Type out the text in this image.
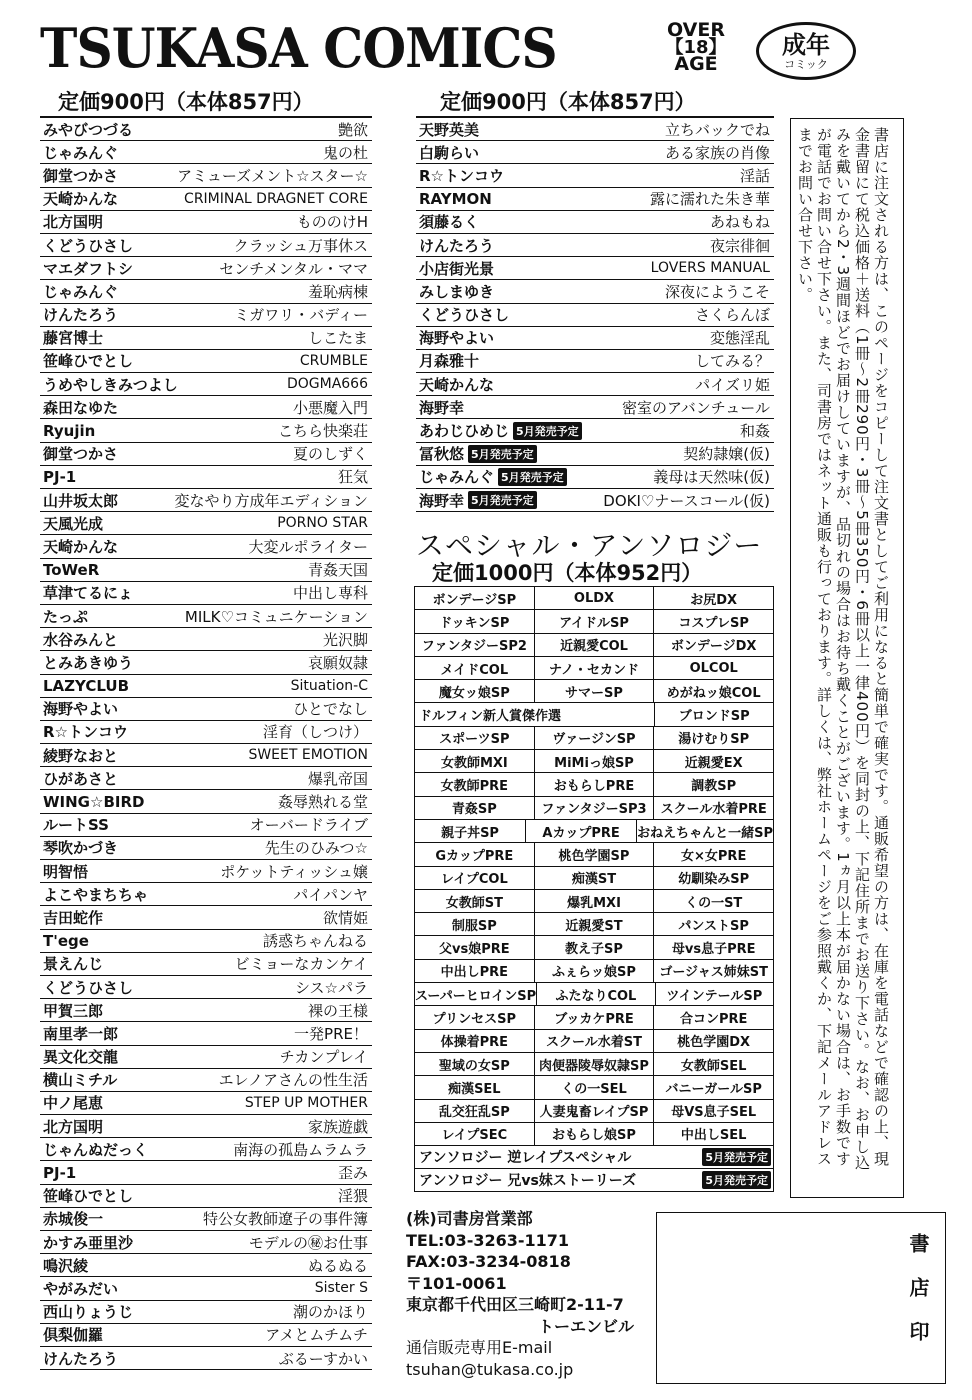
TSUKASA COMICS	OVER
【18】
AGE
成年
コミック
定価900円（本体857円）	定価900円（本体857円）
みやびつづる	艶欲
じゃみんぐ	鬼の杜
御堂つかさ	アミューズメント☆スター☆
天崎かんな	CRIMINAL DRAGNET CORE
北方国明	もののけH
くどうひさし	クラッシュ万事休ス
マエダフトシ	センチメンタル・ママ
じゃみんぐ	羞恥病棟
けんたろう	ミガワリ・バディー
藤宮博士	しこたま
笹峰ひでとし	CRUMBLE
うめやしきみつよし	DOGMA666
森田なゆた	小悪魔入門
Ryujin	こちら快楽荘
御堂つかさ	夏のしずく
PJ-1	狂気
山井坂太郎	変なやり方成年エディション
天風光成	PORNO STAR
天崎かんな	大変ルポライター
ToWeR	青姦天国
草津てるにょ	中出し専科
たっぷ	MILK♡コミュニケーション
水谷みんと	光沢脚
とみあきゆう	哀願奴隷
LAZYCLUB	Situation-C
海野やよい	ひとでなし
R☆トンコウ	淫育（しつけ）
綾野なおと	SWEET EMOTION
ひがあさと	爆乳帝国
WING☆BIRD	姦辱熟れる堂
ルートSS	オーバードライブ
琴吹かづき	先生のひみつ☆
明智悟	ポケットティッシュ嬢
よこやまちちゃ	パイパンヤ
吉田蛇作	欲情姫
T'ege	誘惑ちゃんねる
景えんじ	ビミョーなカンケイ
くどうひさし	シス☆パラ
甲賀三郎	裸の王様
南里孝一郎	一発PRE！
異文化交龍	チカンプレイ
横山ミチル	エレノアさんの性生活
中ノ尾恵	STEP UP MOTHER
北方国明	家族遊戯
じゃんぬだっく	南海の孤島ムラムラ
PJ-1	歪み
笹峰ひでとし	淫猥
赤城俊一	特公女教師遼子の事件簿
かすみ亜里沙	モデルの㊙お仕事
鳴沢綾	ぬるぬる
やがみだい	Sister S
西山りょうじ	潮のかほり
倶梨伽羅	アメとムチムチ
けんたろう	ぶるーすかい
天野英美	立ちバックでね
白駒らい	ある家族の肖像
R☆トンコウ	淫話
RAYMON	露に濡れた朱き華
須藤るく	あねもね
けんたろう	夜宗徘徊
小店街光景	LOVERS MANUAL
みしまゆき	深夜にようこそ
くどうひさし	さくらんぼ
海野やよい	変態淫乱
月森雅十	してみる？
天崎かんな	パイズリ姫
海野幸	密室のアバンチュール
あわじひめじ 5月発売予定	和姦
冨秋悠 5月発売予定	契約隷嬢(仮)
じゃみんぐ 5月発売予定	義母は天然味(仮)
海野幸 5月発売予定	DOKI♡ナースコール(仮)
スペシャル・アンソロジー
定価1000円（本体952円）
ボンデージSP	OLDX	お尻DX
ドッキンSP	アイドルSP	コスプレSP
ファンタジーSP2	近親愛COL	ボンデージDX
メイドCOL	ナノ・セカンド	OLCOL
魔女ッ娘SP	サマーSP	めがねッ娘COL
ドルフィン新人賞傑作選	ブロンドSP
スポーツSP	ヴァージンSP	湯けむりSP
女教師MXI	MiMiっ娘SP	近親愛EX
女教師PRE	おもらしPRE	調教SP
青姦SP	ファンタジーSP3	スクール水着PRE
親子丼SP	AカップPRE	おねえちゃんと一緒SP
GカップPRE	桃色学園SP	女×女PRE
レイプCOL	痴漢ST	幼馴染みSP
女教師ST	爆乳MXI	くの一ST
制服SP	近親愛ST	パンストSP
父vs娘PRE	教え子SP	母vs息子PRE
中出しPRE	ふぇらッ娘SP	ゴージャス姉妹ST
スーパーヒロインSP	ふたなりCOL	ツインテールSP
プリンセスSP	ブッカケPRE	合コンPRE
体操着PRE	スクール水着ST	桃色学園DX
聖域の女SP	肉便器陵辱奴隷SP	女教師SEL
痴漢SEL	くの一SEL	バニーガールSP
乱交狂乱SP	人妻鬼畜レイプSP	母VS息子SEL
レイプSEC	おもらし娘SP	中出しSEL
アンソロジー 逆レイプスペシャル	5月発売予定
アンソロジー 兄vs妹ストーリーズ	5月発売予定
書店に注文される方は、このページをコピーして注文書としてご利用になると簡単で確実です。通販希望の方は、在庫を電話などで確認の上、現金書留にて税込価格＋送料（1冊〜2冊290円・3冊〜5冊350円・6冊以上一律400円）を同封の上、下記住所までお送り下さい。なお、お申し込みを戴いてから2・3週間ほどでお届けしていますが、品切れの場合はお待ち戴くことがございます。1ヵ月以上本が届かない場合は、お手数ですが電話でお問い合せ下さい。また、司書房ではネット通販も行っております。詳しくは、弊社ホームページをご参照戴くか、下記メールアドレスまでお問い合せ下さい。
(株)司書房営業部
TEL:03-3263-1171
FAX:03-3234-0818
〒101-0061
東京都千代田区三崎町2-11-7
トーエンビル
通信販売専用E-mail
tsuhan@tukasa.co.jp
書店印
